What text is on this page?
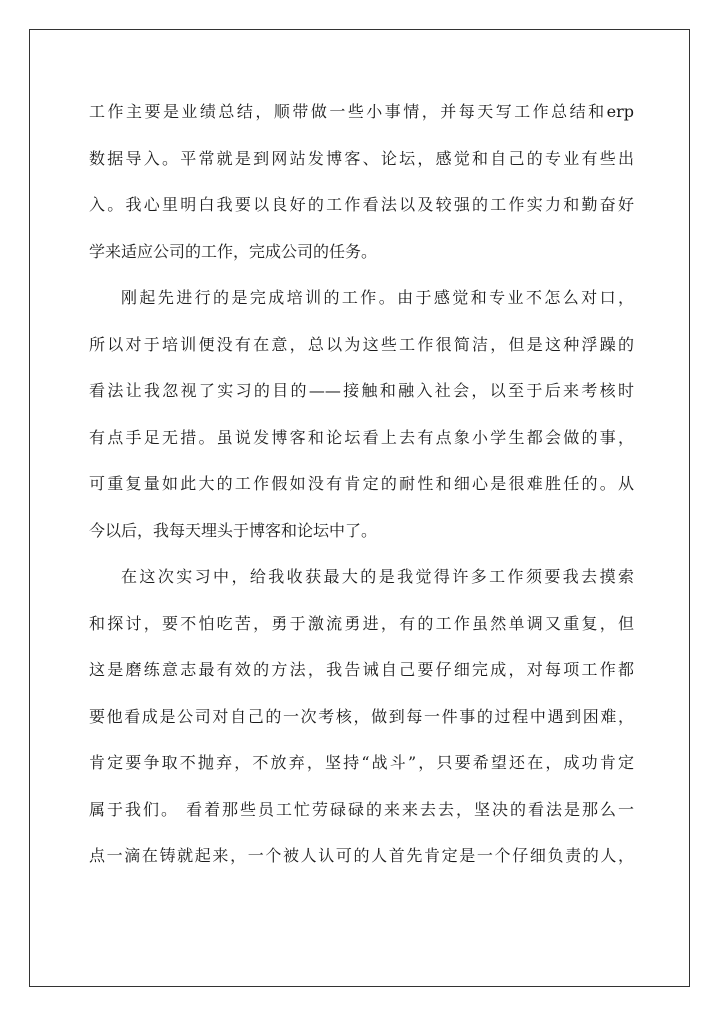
工作主要是业绩总结，顺带做一些小事情，并每天写工作总结和erp
数据导入。平常就是到网站发博客、论坛，感觉和自己的专业有些出
入。我心里明白我要以良好的工作看法以及较强的工作实力和勤奋好
学来适应公司的工作，完成公司的任务。
刚起先进行的是完成培训的工作。由于感觉和专业不怎么对口，
所以对于培训便没有在意，总以为这些工作很简洁，但是这种浮躁的
看法让我忽视了实习的目的——接触和融入社会，以至于后来考核时
有点手足无措。虽说发博客和论坛看上去有点象小学生都会做的事，
可重复量如此大的工作假如没有肯定的耐性和细心是很难胜任的。从
今以后，我每天埋头于博客和论坛中了。
在这次实习中，给我收获最大的是我觉得许多工作须要我去摸索
和探讨，要不怕吃苦，勇于激流勇进，有的工作虽然单调又重复，但
这是磨练意志最有效的方法，我告诫自己要仔细完成，对每项工作都
要他看成是公司对自己的一次考核，做到每一件事的过程中遇到困难，
肯定要争取不抛弃，不放弃，坚持“战斗”，只要希望还在，成功肯定
属于我们。 看着那些员工忙劳碌碌的来来去去，坚决的看法是那么一
点一滴在铸就起来，一个被人认可的人首先肯定是一个仔细负责的人，
